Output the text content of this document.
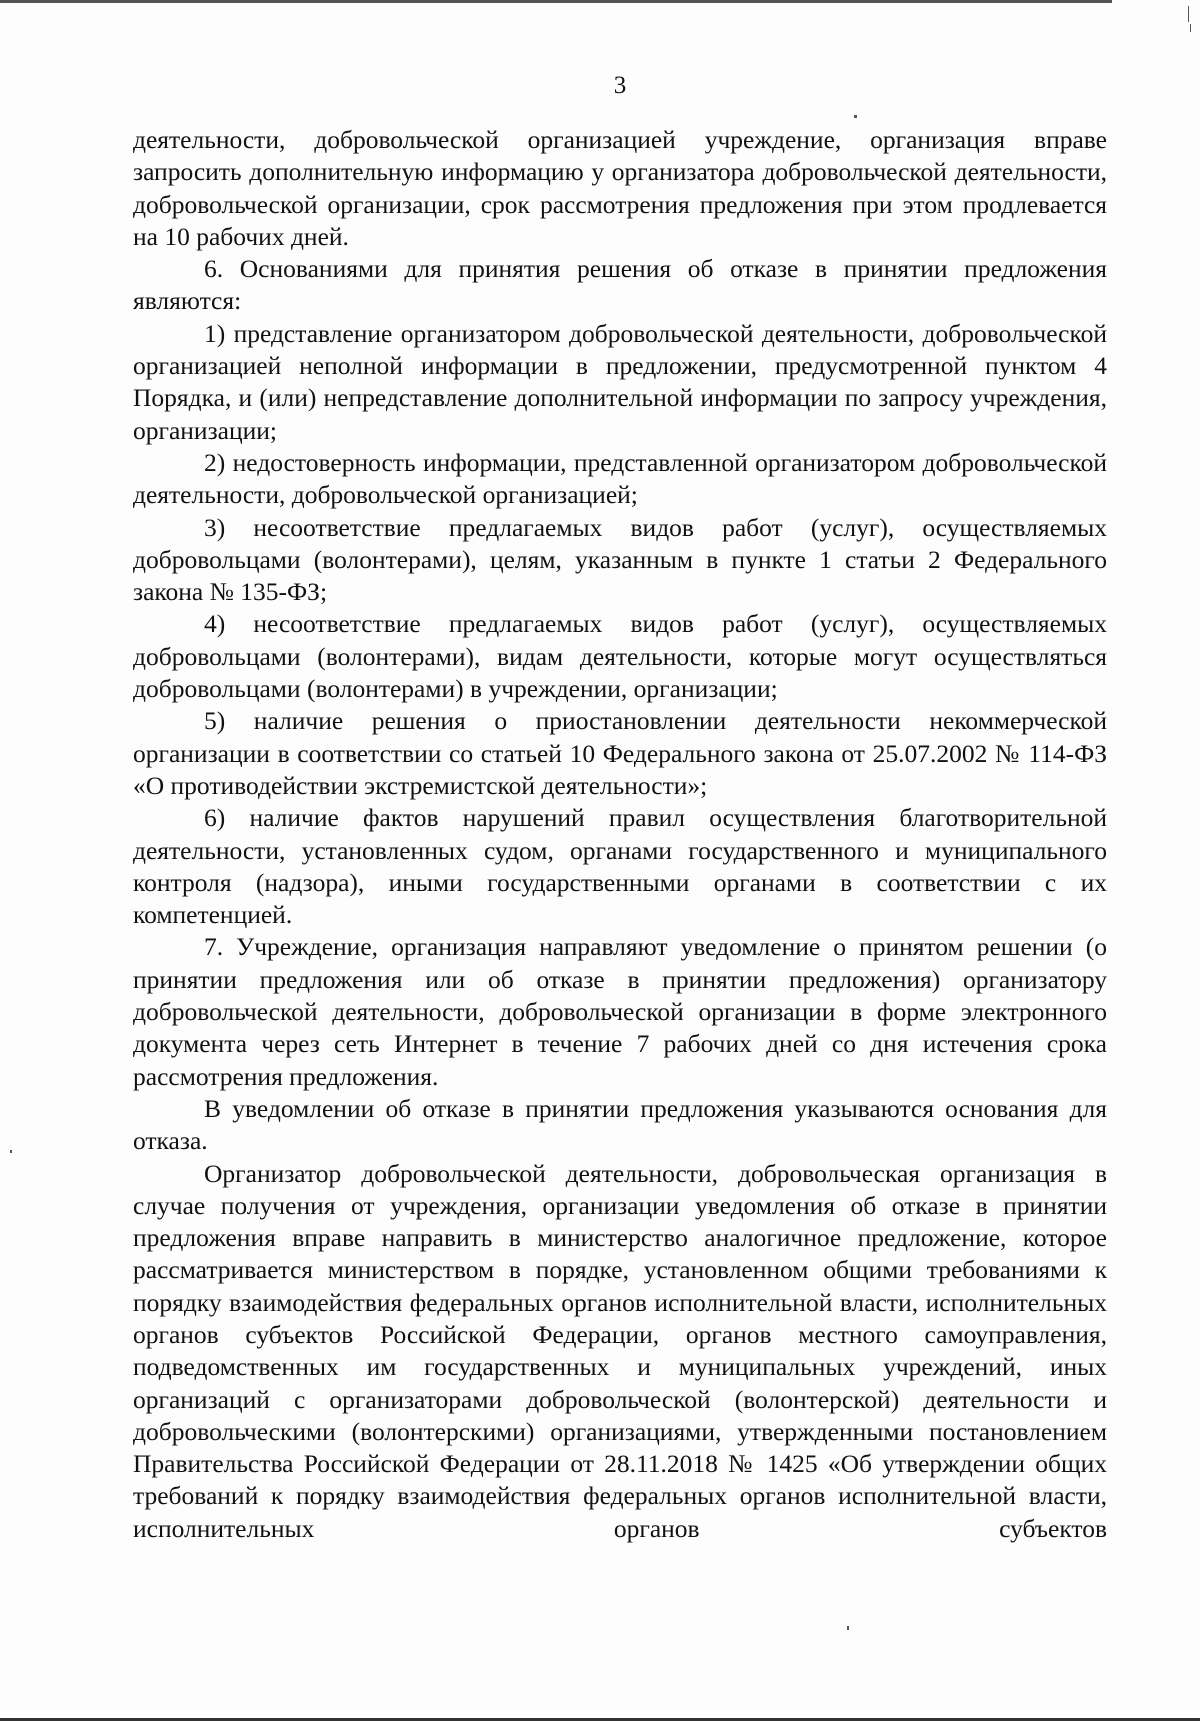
3

деятельности, добровольческой организацией учреждение, организация вправе запросить дополнительную информацию у организатора добровольческой деятельности, добровольческой организации, срок рассмотрения предложения при этом продлевается на 10 рабочих дней.

6. Основаниями для принятия решения об отказе в принятии предложения являются:

1) представление организатором добровольческой деятельности, добровольческой организацией неполной информации в предложении, предусмотренной пунктом 4 Порядка, и (или) непредставление дополнительной информации по запросу учреждения, организации;

2) недостоверность информации, представленной организатором добровольческой деятельности, добровольческой организацией;

3) несоответствие предлагаемых видов работ (услуг), осуществляемых добровольцами (волонтерами), целям, указанным в пункте 1 статьи 2 Федерального закона № 135-ФЗ;

4) несоответствие предлагаемых видов работ (услуг), осуществляемых добровольцами (волонтерами), видам деятельности, которые могут осуществляться добровольцами (волонтерами) в учреждении, организации;

5) наличие решения о приостановлении деятельности некоммерческой организации в соответствии со статьей 10 Федерального закона от 25.07.2002 № 114-ФЗ «О противодействии экстремистской деятельности»;

6) наличие фактов нарушений правил осуществления благотворительной деятельности, установленных судом, органами государственного и муниципального контроля (надзора), иными государственными органами в соответствии с их компетенцией.

7. Учреждение, организация направляют уведомление о принятом решении (о принятии предложения или об отказе в принятии предложения) организатору добровольческой деятельности, добровольческой организации в форме электронного документа через сеть Интернет в течение 7 рабочих дней со дня истечения срока рассмотрения предложения.

В уведомлении об отказе в принятии предложения указываются основания для отказа.

Организатор добровольческой деятельности, добровольческая организация в случае получения от учреждения, организации уведомления об отказе в принятии предложения вправе направить в министерство аналогичное предложение, которое рассматривается министерством в порядке, установленном общими требованиями к порядку взаимодействия федеральных органов исполнительной власти, исполнительных органов субъектов Российской Федерации, органов местного самоуправления, подведомственных им государственных и муниципальных учреждений, иных организаций с организаторами добровольческой (волонтерской) деятельности и добровольческими (волонтерскими) организациями, утвержденными постановлением Правительства Российской Федерации от 28.11.2018 № 1425 «Об утверждении общих требований к порядку взаимодействия федеральных органов исполнительной власти, исполнительных органов субъектов
